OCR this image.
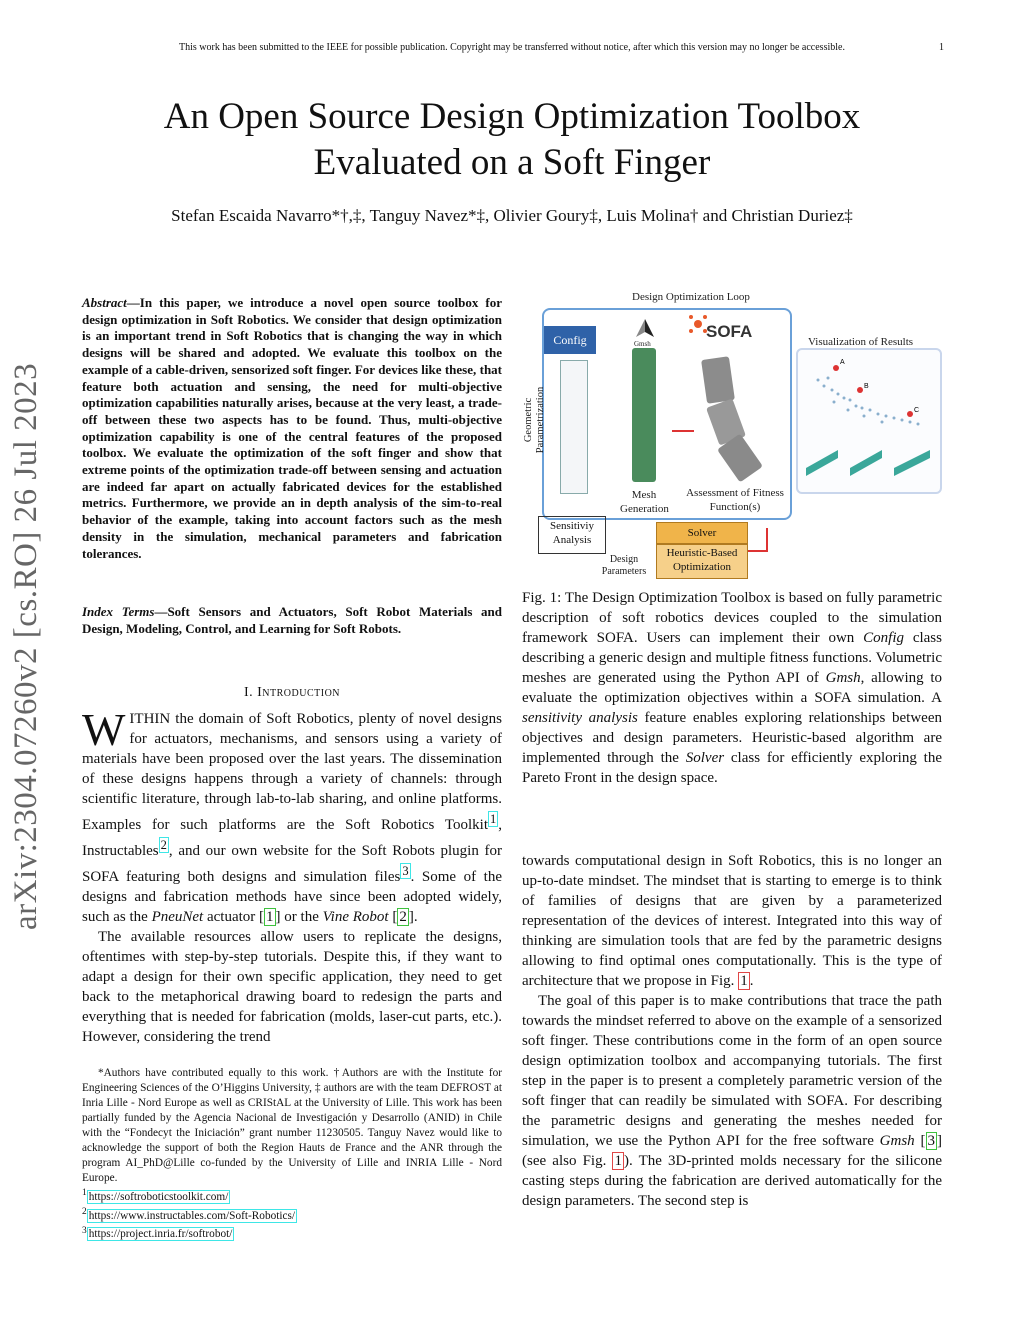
This work has been submitted to the IEEE for possible publication. Copyright may be transferred without notice, after which this version may no longer be accessible.	1
arXiv:2304.07260v2 [cs.RO] 26 Jul 2023
An Open Source Design Optimization Toolbox
Evaluated on a Soft Finger
Stefan Escaida Navarro*†,‡, Tanguy Navez*‡, Olivier Goury‡, Luis Molina† and Christian Duriez‡
Abstract—In this paper, we introduce a novel open source toolbox for design optimization in Soft Robotics. We consider that design optimization is an important trend in Soft Robotics that is changing the way in which designs will be shared and adopted. We evaluate this toolbox on the example of a cable-driven, sensorized soft finger. For devices like these, that feature both actuation and sensing, the need for multi-objective optimization capabilities naturally arises, because at the very least, a trade-off between these two aspects has to be found. Thus, multi-objective optimization capability is one of the central features of the proposed toolbox. We evaluate the optimization of the soft finger and show that extreme points of the optimization trade-off between sensing and actuation are indeed far apart on actually fabricated devices for the established metrics. Furthermore, we provide an in depth analysis of the sim-to-real behavior of the example, taking into account factors such as the mesh density in the simulation, mechanical parameters and fabrication tolerances.
Index Terms—Soft Sensors and Actuators, Soft Robot Materials and Design, Modeling, Control, and Learning for Soft Robots.
I. Introduction

WITHIN the domain of Soft Robotics, plenty of novel designs for actuators, mechanisms, and sensors using a variety of materials have been proposed over the last years. The dissemination of these designs happens through a variety of channels: through scientific literature, through lab-to-lab sharing, and online platforms. Examples for such platforms are the Soft Robotics Toolkit $^1$ , Instructables $^2$ , and our own website for the Soft Robots plugin for SOFA featuring both designs and simulation files $^3$ . Some of the designs and fabrication methods have since been adopted widely, such as the PneuNet actuator [ 1 ] or the Vine Robot [ 2 ].

The available resources allow users to replicate the designs, oftentimes with step-by-step tutorials. Despite this, if they want to adapt a design for their own specific application, they need to get back to the metaphorical drawing board to redesign the parts and everything that is needed for fabrication (molds, laser-cut parts, etc.). However, considering the trend

*Authors have contributed equally to this work. †Authors are with the Institute for Engineering Sciences of the O’Higgins University, ‡ authors are with the team DEFROST at Inria Lille - Nord Europe as well as CRIStAL at the University of Lille. This work has been partially funded by the Agencia Nacional de Investigación y Desarrollo (ANID) in Chile with the “Fondecyt the Iniciación” grant number 11230505. Tanguy Navez would like to acknowledge the support of both the Region Hauts de France and the ANR through the program AI_PhD@Lille co-funded by the University of Lille and INRIA Lille - Nord Europe.

$^1$ https://softroboticstoolkit.com/
$^2$ https://www.instructables.com/Soft-Robotics/
$^3$ https://project.inria.fr/softrobot/
Design Optimization Loop
Config
Geometric Parametrization
Gmsh
SOFA
Mesh Generation
Assessment of Fitness Function(s)
Visualization of Results
A
B
C
Sensitiviy Analysis
Design Parameters
Solver
Heuristic-Based Optimization
Fig. 1: The Design Optimization Toolbox is based on fully parametric description of soft robotics devices coupled to the simulation framework SOFA. Users can implement their own Config class describing a generic design and multiple fitness functions. Volumetric meshes are generated using the Python API of Gmsh, allowing to evaluate the optimization objectives within a SOFA simulation. A sensitivity analysis feature enables exploring relationships between objectives and design parameters. Heuristic-based algorithm are implemented through the Solver class for efficiently exploring the Pareto Front in the design space.

towards computational design in Soft Robotics, this is no longer an up-to-date mindset. The mindset that is starting to emerge is to think of families of designs that are given by a parameterized representation of the devices of interest. Integrated into this way of thinking are simulation tools that are fed by the parametric designs allowing to find optimal ones computationally. This is the type of architecture that we propose in Fig. 1 .

The goal of this paper is to make contributions that trace the path towards the mindset referred to above on the example of a sensorized soft finger. These contributions come in the form of an open source design optimization toolbox and accompanying tutorials. The first step in the paper is to present a completely parametric version of the soft finger that can readily be simulated with SOFA. For describing the parametric designs and generating the meshes needed for simulation, we use the Python API for the free software Gmsh [ 3 ] (see also Fig. 1 ). The 3D-printed molds necessary for the silicone casting steps during the fabrication are derived automatically for the design parameters. The second step is
